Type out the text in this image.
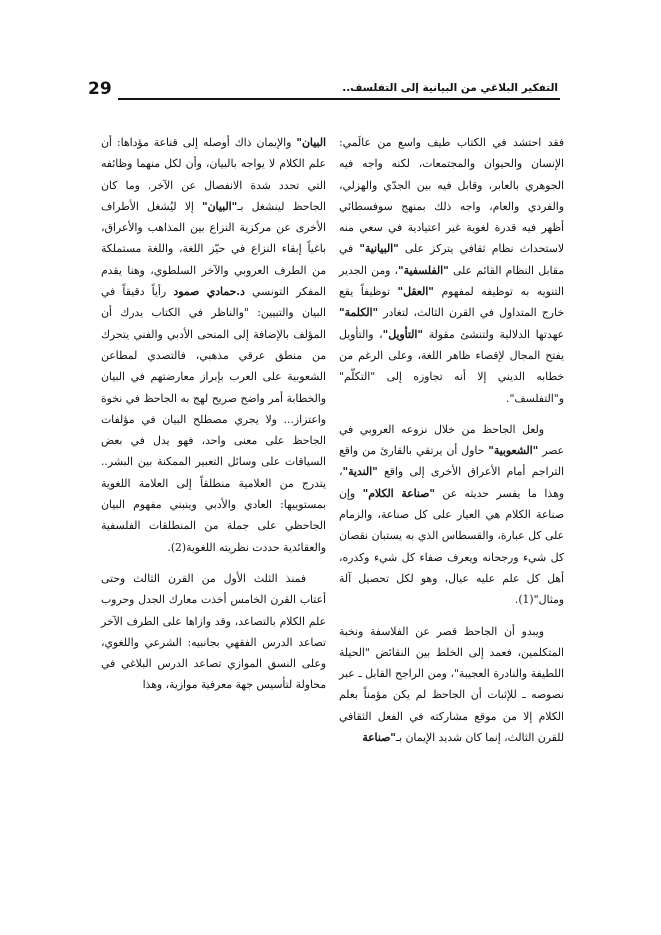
29	التفكير البلاغي من البيانية إلى التفلسف..

فقد احتشد في الكتاب طيف واسع من عالَمي: الإنسان والحيوان والمجتمعات، لكنه واجه فيه الجوهري بالعابر، وقابل فيه بين الجدّي والهزلي، والفردي والعام، واجه ذلك بمنهج سوفسطائي أظهر فيه قدرة لغوية غير اعتيادية في سعي منه لاستحداث نظام ثقافي يتركز على "البيانية" في مقابل النظام القائم على "الفلسفية"، ومن الجدير التنويه به توظيفه لمفهوم "العقل" توظيفاً يقع خارج المتداول في القرن الثالث، لتغادر "الكلمة" عهدتها الدلالية ولتنشئ مقولة "التأويل"، والتأويل يفتح المجال لإقصاء ظاهر اللغة، وعلى الرغم من خطابه الديني إلا أنه تجاوزه إلى "التكلّم" و"التفلسف".

ولعل الجاحظ من خلال نزوعه العروبي في عصر "الشعوبية" حاول أن يرتقي بالقارئ من واقع التراجم أمام الأعراق الأخرى إلى واقع "الندية"، وهذا ما يفسر حديثه عن "صناعة الكلام" وإن صناعة الكلام هي العيار على كل صناعة، والزمام على كل عبارة، والقسطاس الذي به يستبان نقصان كل شيء ورجحانه ويعرف صفاء كل شيء وكدره، أهل كل علم عليه عيال، وهو لكل تحصيل آلة ومثال"(1).

ويبدو أن الجاحظ قصر عن الفلاسفة ونخبة المتكلمين، فعمد إلى الخلط بين النقائض "الحيلة اللطيفة والنادرة العجيبة"، ومن الراجح القابل ـ عبر نصوصه ـ للإثبات أن الجاحظ لم يكن مؤمناً بعلم الكلام إلا من موقع مشاركته في الفعل الثقافي للقرن الثالث، إنما كان شديد الإيمان بـ"صناعة

البيان" والإيمان ذاك أوصله إلى قناعة مؤداها: أن علم الكلام لا يواجه بالبيان، وأن لكل منهما وظائفه التي تحدد شدة الانفصال عن الآخر. وما كان الجاحظ لينشغل بـ"البيان" إلا ليُشغل الأطراف الأخرى عن مركزية النزاع بين المذاهب والأعراق، باغياً إبقاء النزاع في حيّز اللغة، واللغة مستملكة من الطرف العروبي والآخر السلطوي، وهنا يقدم المفكر التونسي د.حمادي صمود رأياً دقيقاً في البيان والتبيين: "والناظر في الكتاب يدرك أن المؤلف بالإضافة إلى المنحى الأدبي والفني يتحرك من منطق عرقي مذهبي، فالتصدي لمطاعن الشعوبية على العرب بإبراز معارضتهم في البيان والخطابة أمر واضح صريح لهج به الجاحظ في نخوة واعتزاز... ولا يجري مصطلح البيان في مؤلفات الجاحظ على معنى واحد، فهو يدل في بعض السياقات على وسائل التعبير الممكنة بين البشر.. يتدرج من العلامية منطلقاً إلى العلامة اللغوية بمستوييها: العادي والأدبي وينبني مفهوم البيان الجاحظي على جملة من المنطلقات الفلسفية والعقائدية حددت نظريته اللغوية(2).

فمنذ الثلث الأول من القرن الثالث وحتى أعتاب القرن الخامس أخذت معارك الجدل وحروب علم الكلام بالتصاعد، وقد وازاها على الطرف الآخر تصاعد الدرس الفقهي بجانبيه: الشرعي واللغوي، وعلى النسق الموازي تصاعد الدرس البلاغي في محاولة لتأسيس جهة معرفية موازية، وهذا
